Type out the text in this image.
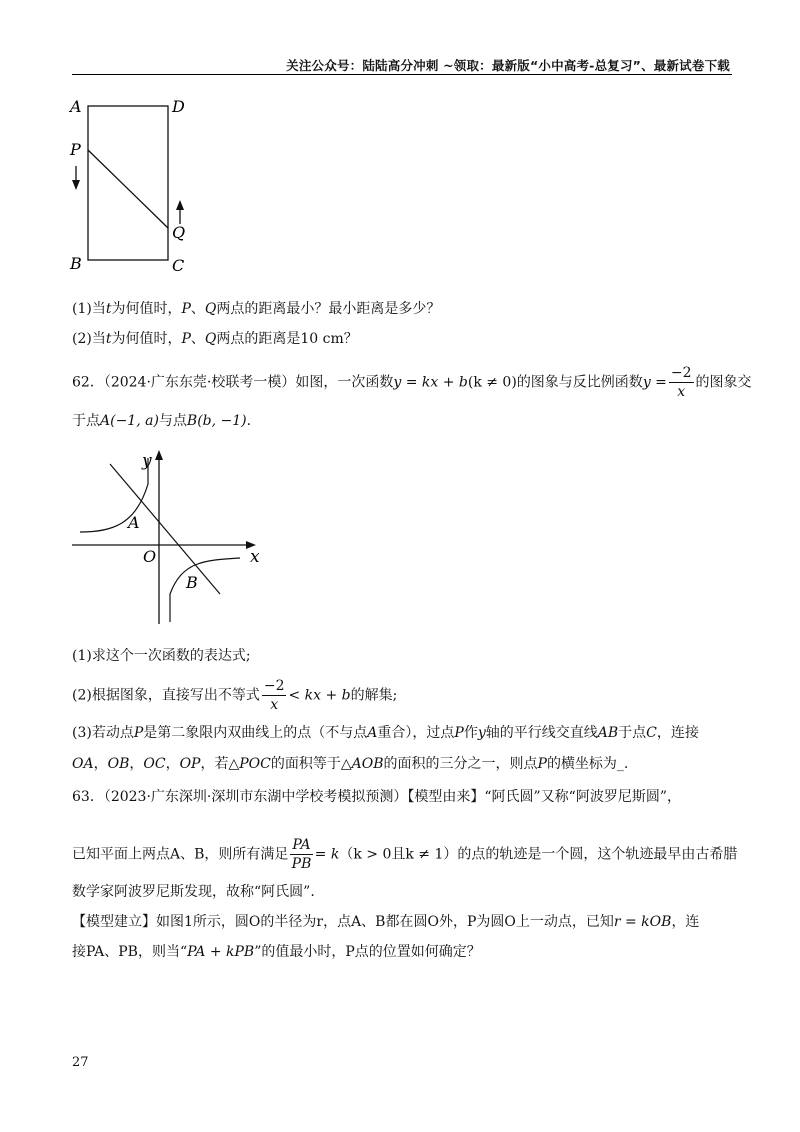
关注公众号：陆陆高分冲刺 ~领取：最新版“小中高考-总复习”、最新试卷下载
A	D
P
Q
B	C
(1)当t为何值时，P、Q两点的距离最小？最小距离是多少？
(2)当t为何值时，P、Q两点的距离是10 cm？
62．（2024·广东东莞·校联考一模）如图，一次函数y = kx + b(k ≠ 0)的图象与反比例函数$y = \frac{-2}{x}$ 的图象交
于点A(−1, a)与点B(b, −1).
y
x
O
A
B
(1)求这个一次函数的表达式;
(2)根据图象，直接写出不等式 $\frac{-2}{x}$ < kx + b的解集;
(3)若动点P是第二象限内双曲线上的点（不与点A重合），过点P作y轴的平行线交直线AB于点C，连接
OA，OB，OC，OP，若△POC的面积等于△AOB的面积的三分之一，则点P的横坐标为_.
63．（2023·广东深圳·深圳市东湖中学校考模拟预测）【模型由来】“阿氏圆”又称“阿波罗尼斯圆”，
已知平面上两点A、B，则所有满足 $\frac{PA}{PB} = k(k > 0$且k ≠ 1）的点的轨迹是一个圆，这个轨迹最早由古希腊
数学家阿波罗尼斯发现，故称“阿氏圆”.
【模型建立】如图1所示，圆O的半径为r，点A、B都在圆O外，P为圆O上一动点，已知r = kOB，连
接PA、PB，则当“PA + kPB”的值最小时，P点的位置如何确定？
27
